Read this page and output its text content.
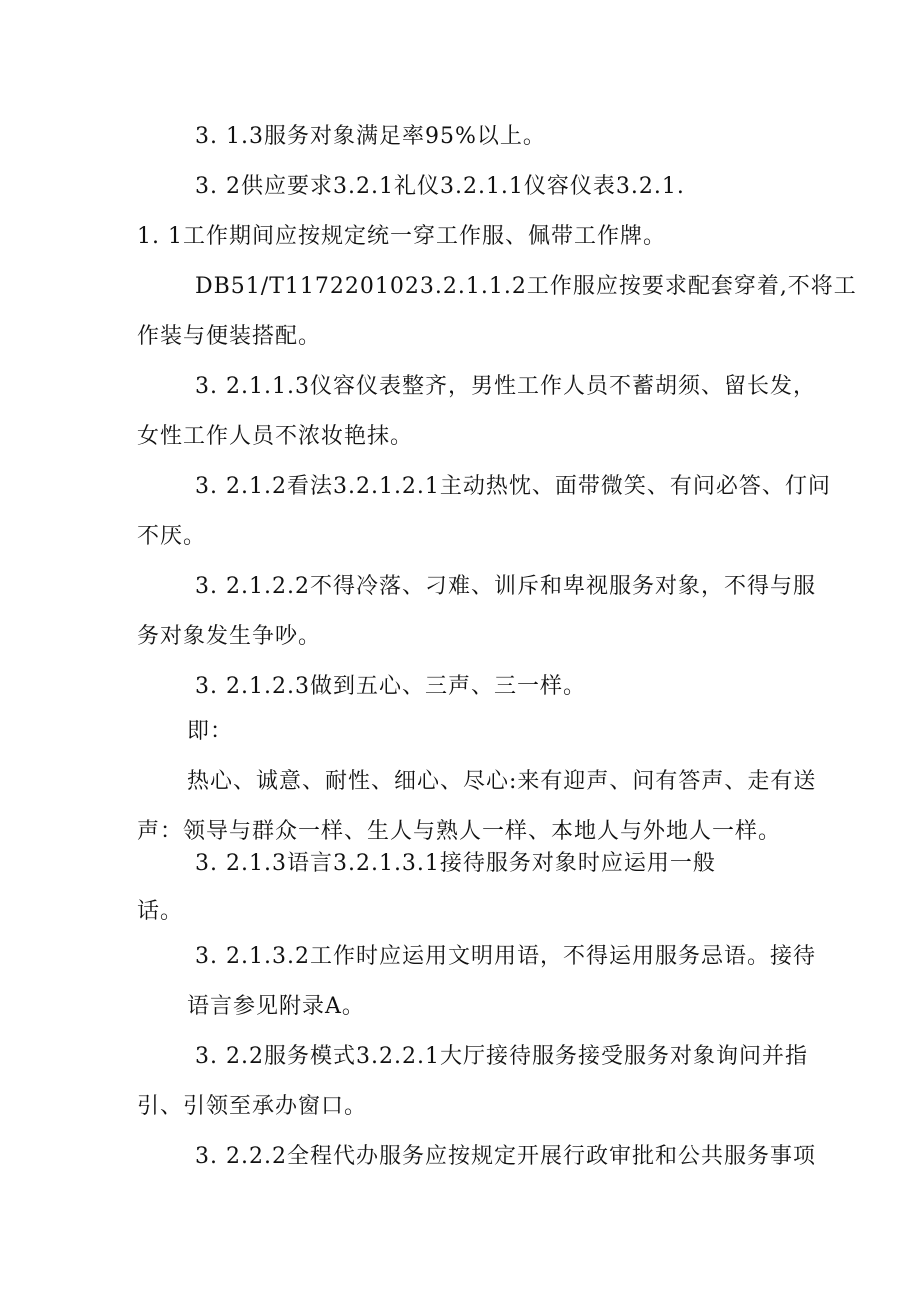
3. 1.3服务对象满足率95%以上。
3. 2供应要求3.2.1礼仪3.2.1.1仪容仪表3.2.1.
1. 1工作期间应按规定统一穿工作服、佩带工作牌。
DB51/T1172201023.2.1.1.2工作服应按要求配套穿着,不将工
作装与便装搭配。
3. 2.1.1.3仪容仪表整齐，男性工作人员不蓄胡须、留长发，
女性工作人员不浓妆艳抹。
3. 2.1.2看法3.2.1.2.1主动热忱、面带微笑、有问必答、仃问
不厌。
3. 2.1.2.2不得冷落、刁难、训斥和卑视服务对象，不得与服
务对象发生争吵。
3. 2.1.2.3做到五心、三声、三一样。
即：
热心、诚意、耐性、细心、尽心:来有迎声、问有答声、走有送
声：领导与群众一样、生人与熟人一样、本地人与外地人一样。
3. 2.1.3语言3.2.1.3.1接待服务对象时应运用一般
话。
3. 2.1.3.2工作时应运用文明用语，不得运用服务忌语。接待
语言参见附录A。
3. 2.2服务模式3.2.2.1大厅接待服务接受服务对象询问并指
引、引领至承办窗口。
3. 2.2.2全程代办服务应按规定开展行政审批和公共服务事项
